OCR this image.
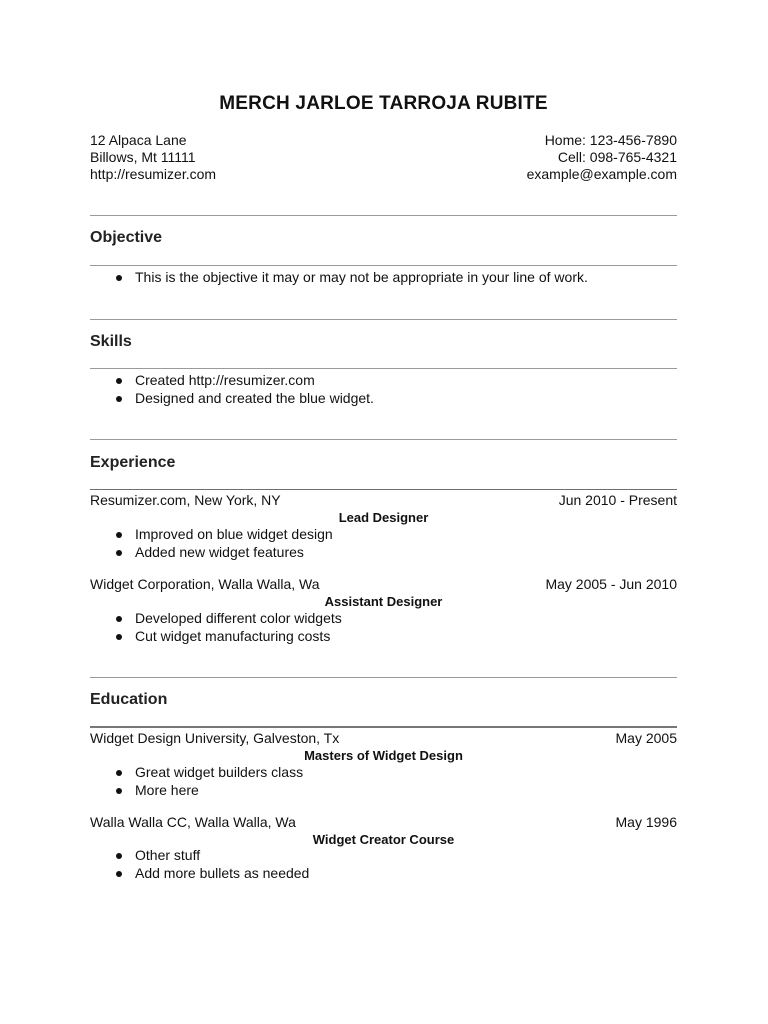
MERCH JARLOE TARROJA RUBITE
12 Alpaca Lane
Billows, Mt 11111
http://resumizer.com
Home: 123-456-7890
Cell: 098-765-4321
example@example.com
Objective
This is the objective it may or may not be appropriate in your line of work.
Skills
Created http://resumizer.com
Designed and created the blue widget.
Experience
Resumizer.com, New York, NY	Jun 2010 - Present
Lead Designer
Improved on blue widget design
Added new widget features
Widget Corporation, Walla Walla, Wa	May 2005 - Jun 2010
Assistant Designer
Developed different color widgets
Cut widget manufacturing costs
Education
Widget Design University, Galveston, Tx	May 2005
Masters of Widget Design
Great widget builders class
More here
Walla Walla CC, Walla Walla, Wa	May 1996
Widget Creator Course
Other stuff
Add more bullets as needed
